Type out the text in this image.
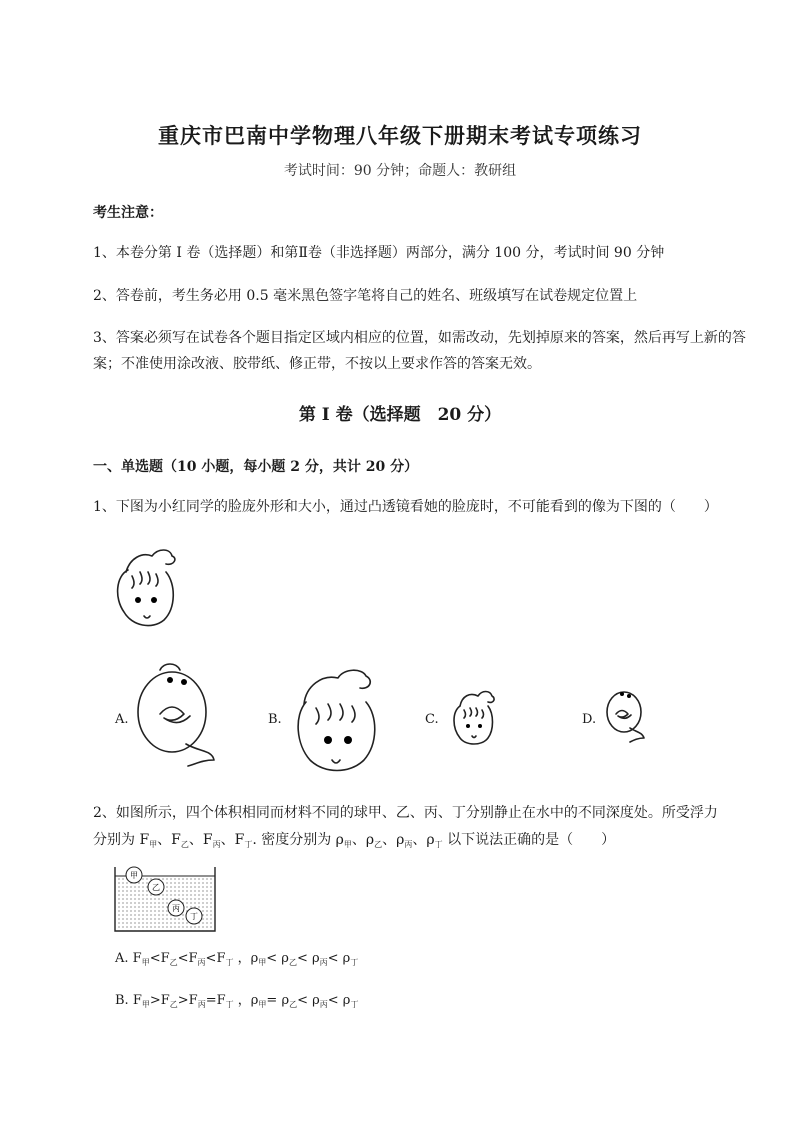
重庆市巴南中学物理八年级下册期末考试专项练习
考试时间：90 分钟；命题人：教研组
考生注意：
1、本卷分第 I 卷（选择题）和第Ⅱ卷（非选择题）两部分，满分 100 分，考试时间 90 分钟
2、答卷前，考生务必用 0.5 毫米黑色签字笔将自己的姓名、班级填写在试卷规定位置上
3、答案必须写在试卷各个题目指定区域内相应的位置，如需改动，先划掉原来的答案，然后再写上新的答案；不准使用涂改液、胶带纸、修正带，不按以上要求作答的答案无效。
第 I 卷（选择题　20 分）
一、单选题（10 小题，每小题 2 分，共计 20 分）
1、下图为小红同学的脸庞外形和大小，通过凸透镜看她的脸庞时，不可能看到的像为下图的（　　）
A.	B.	C.	D.
2、如图所示，四个体积相同而材料不同的球甲、乙、丙、丁分别静止在水中的不同深度处。所受浮力
分别为 $F_甲$、$F_乙$、$F_丙$、$F_丁$. 密度分别为 $\rho_甲$、$\rho_乙$、$\rho_丙$、$\rho_丁$ 以下说法正确的是（　　）
甲
乙
丙
丁
A. $F_甲<F_乙<F_丙<F_丁$ ，$\rho_甲< \rho_乙< \rho_丙< \rho_丁$
B. $F_甲>F_乙>F_丙=F_丁$ ，$\rho_甲= \rho_乙< \rho_丙< \rho_丁$
